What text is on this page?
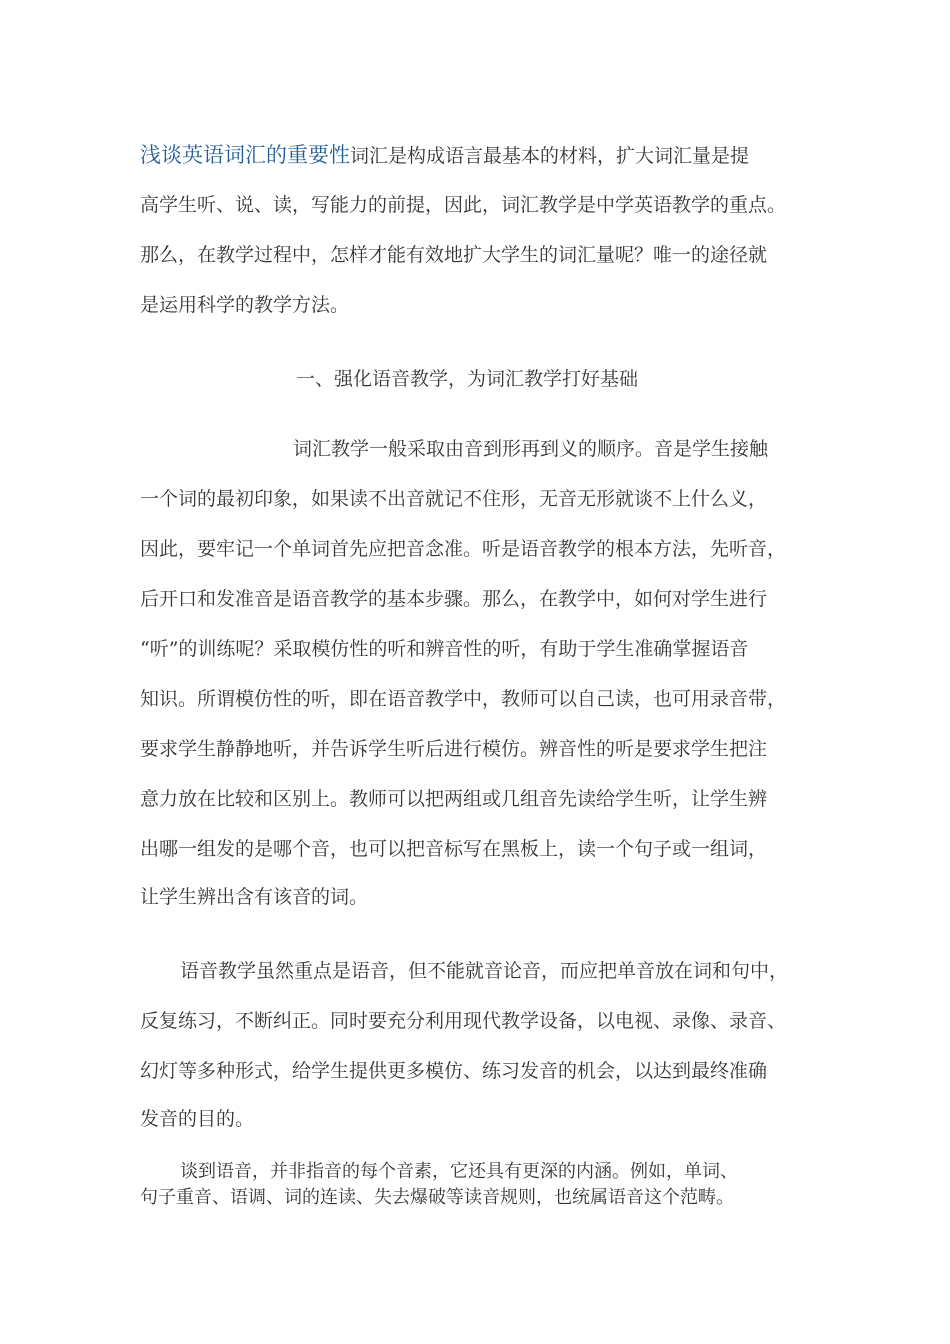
浅谈英语词汇的重要性词汇是构成语言最基本的材料，扩大词汇量是提
高学生听、说、读，写能力的前提，因此，词汇教学是中学英语教学的重点。
那么，在教学过程中，怎样才能有效地扩大学生的词汇量呢？唯一的途径就
是运用科学的教学方法。
一、强化语音教学，为词汇教学打好基础
词汇教学一般采取由音到形再到义的顺序。音是学生接触
一个词的最初印象，如果读不出音就记不住形，无音无形就谈不上什么义，
因此，要牢记一个单词首先应把音念准。听是语音教学的根本方法，先听音，
后开口和发准音是语音教学的基本步骤。那么，在教学中，如何对学生进行
“听”的训练呢？采取模仿性的听和辨音性的听，有助于学生准确掌握语音
知识。所谓模仿性的听，即在语音教学中，教师可以自己读，也可用录音带，
要求学生静静地听，并告诉学生听后进行模仿。辨音性的听是要求学生把注
意力放在比较和区别上。教师可以把两组或几组音先读给学生听，让学生辨
出哪一组发的是哪个音，也可以把音标写在黑板上，读一个句子或一组词，
让学生辨出含有该音的词。
语音教学虽然重点是语音，但不能就音论音，而应把单音放在词和句中，
反复练习，不断纠正。同时要充分利用现代教学设备，以电视、录像、录音、
幻灯等多种形式，给学生提供更多模仿、练习发音的机会，以达到最终准确
发音的目的。
谈到语音，并非指音的每个音素，它还具有更深的内涵。例如，单词、
句子重音、语调、词的连读、失去爆破等读音规则，也统属语音这个范畴。
